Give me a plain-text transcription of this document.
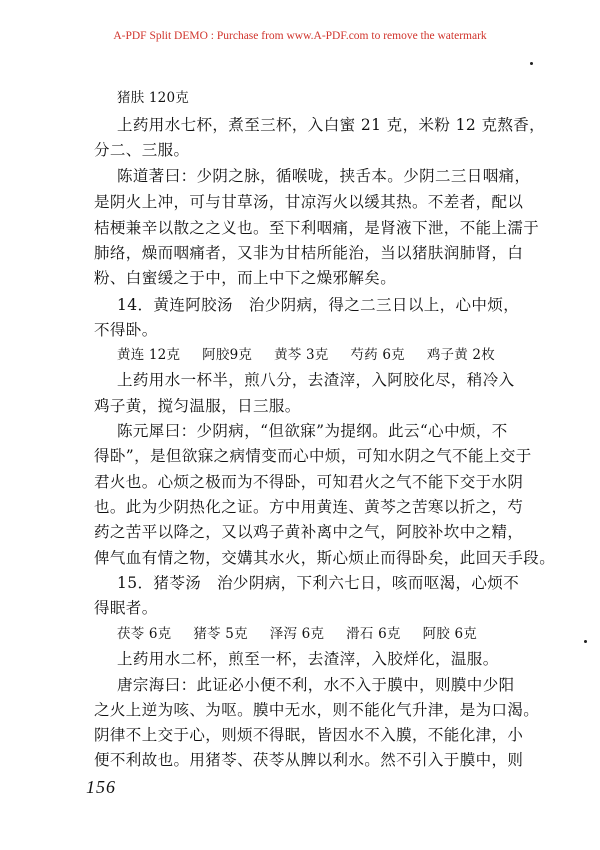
A-PDF Split DEMO : Purchase from www.A-PDF.com to remove the watermark
猪肤 120克
上药用水七杯，煮至三杯，入白蜜 21 克，米粉 12 克熬香，
分二、三服。
陈道著曰：少阴之脉，循喉咙，挟舌本。少阴二三日咽痛，
是阴火上冲，可与甘草汤，甘凉泻火以缓其热。不差者，配以
桔梗兼辛以散之之义也。至下利咽痛，是肾液下泄，不能上濡于
肺络，燥而咽痛者，又非为甘桔所能治，当以猪肤润肺肾，白
粉、白蜜缓之于中，而上中下之燥邪解矣。
14．黄连阿胶汤　治少阴病，得之二三日以上，心中烦，
不得卧。
黄连 12克 阿胶9克 黄芩 3克 芍药 6克 鸡子黄 2枚
上药用水一杯半，煎八分，去渣滓，入阿胶化尽，稍冷入
鸡子黄，搅匀温服，日三服。
陈元犀曰：少阴病，“但欲寐”为提纲。此云“心中烦，不
得卧”，是但欲寐之病情变而心中烦，可知水阴之气不能上交于
君火也。心烦之极而为不得卧，可知君火之气不能下交于水阴
也。此为少阴热化之证。方中用黄连、黄芩之苦寒以折之，芍
药之苦平以降之，又以鸡子黄补离中之气，阿胶补坎中之精，
俾气血有情之物，交媾其水火，斯心烦止而得卧矣，此回天手段。
15．猪苓汤　治少阴病，下利六七日，咳而呕渴，心烦不
得眠者。
茯苓 6克 猪苓 5克 泽泻 6克 滑石 6克 阿胶 6克
上药用水二杯，煎至一杯，去渣滓，入胶烊化，温服。
唐宗海曰：此证必小便不利，水不入于膜中，则膜中少阳
之火上逆为咳、为呕。膜中无水，则不能化气升津，是为口渴。
阴律不上交于心，则烦不得眠，皆因水不入膜，不能化津，小
便不利故也。用猪苓、茯苓从脾以利水。然不引入于膜中，则
156
